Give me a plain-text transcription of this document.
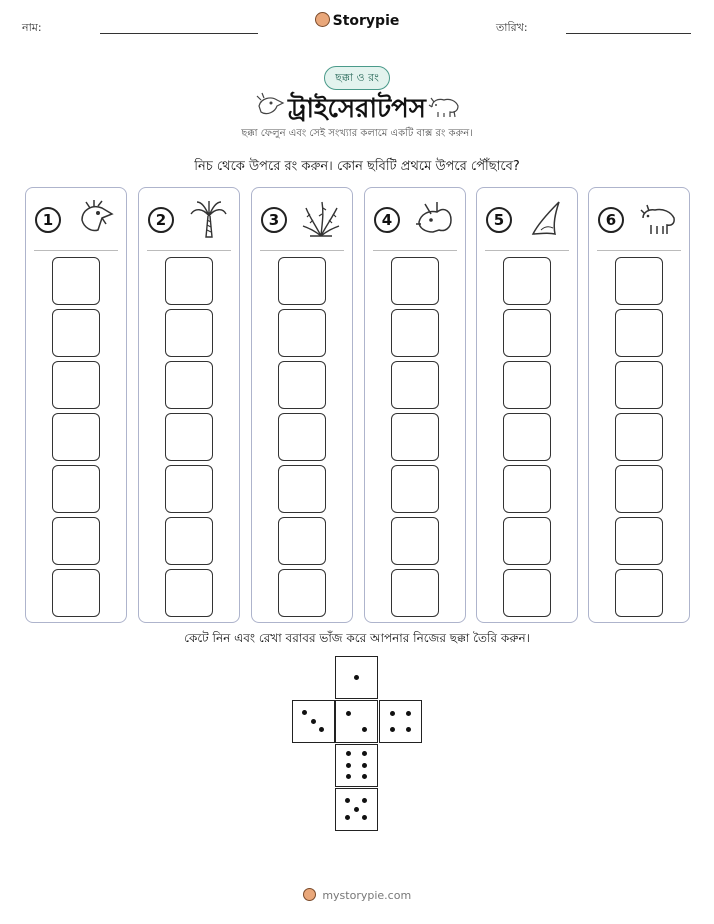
নাম:	Storypie	তারিখ:
ছক্কা ও রং
ট্রাইসেরাটপস
ছক্কা ফেলুন এবং সেই সংখ্যার কলামে একটি বাক্স রং করুন।
নিচ থেকে উপরে রং করুন। কোন ছবিটি প্রথমে উপরে পৌঁছাবে?
1	2	3	4	5	6
কেটে নিন এবং রেখা বরাবর ভাঁজ করে আপনার নিজের ছক্কা তৈরি করুন।
mystorypie.com
